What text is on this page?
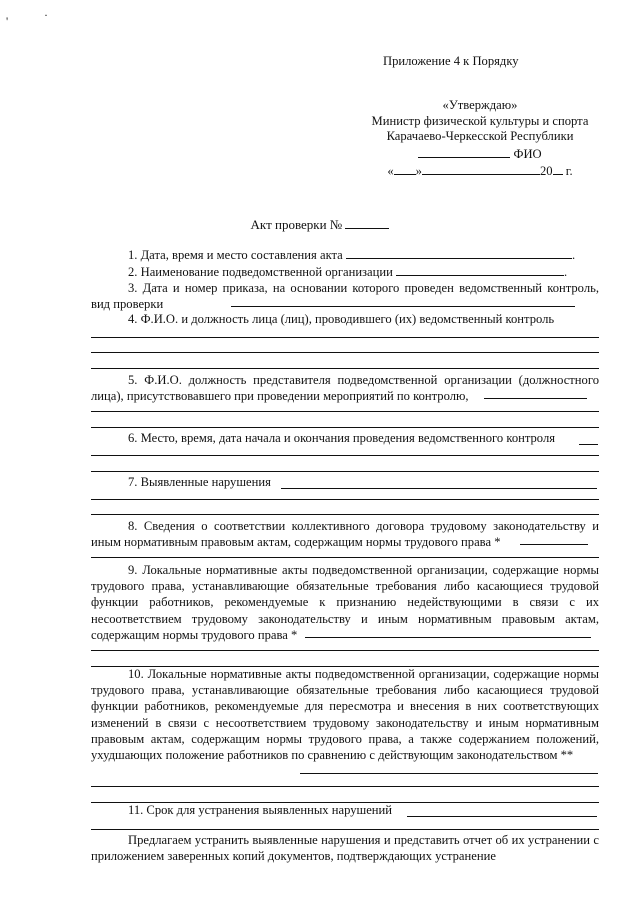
'	·
Приложение 4 к Порядку
«Утверждаю»
Министр физической культуры и спорта
Карачаево-Черкесской Республики
ФИО
« »	20 г.
Акт проверки №
1. Дата, время и место составления акта	.
2. Наименование подведомственной организации	.
3. Дата и номер приказа, на основании которого проведен ведомственный контроль, вид проверки
4. Ф.И.О. и должность лица (лиц), проводившего (их) ведомственный контроль
5. Ф.И.О. должность представителя подведомственной организации (должностного лица), присутствовавшего при проведении мероприятий по контролю,
6. Место, время, дата начала и окончания проведения ведомственного контроля
7. Выявленные нарушения
8. Сведения о соответствии коллективного договора трудовому законодательству и иным нормативным правовым актам, содержащим нормы трудового права *
9. Локальные нормативные акты подведомственной организации, содержащие нормы трудового права, устанавливающие обязательные требования либо касающиеся трудовой функции работников, рекомендуемые к признанию недействующими в связи с их несоответствием трудовому законодательству и иным нормативным правовым актам, содержащим нормы трудового права *
10. Локальные нормативные акты подведомственной организации, содержащие нормы трудового права, устанавливающие обязательные требования либо касающиеся трудовой функции работников, рекомендуемые для пересмотра и внесения в них соответствующих изменений в связи с несоответствием трудовому законодательству и иным нормативным правовым актам, содержащим нормы трудового права, а также содержанием положений, ухудшающих положение работников по сравнению с действующим законодательством **
11. Срок для устранения выявленных нарушений
Предлагаем устранить выявленные нарушения и представить отчет об их устранении с приложением заверенных копий документов, подтверждающих устранение
